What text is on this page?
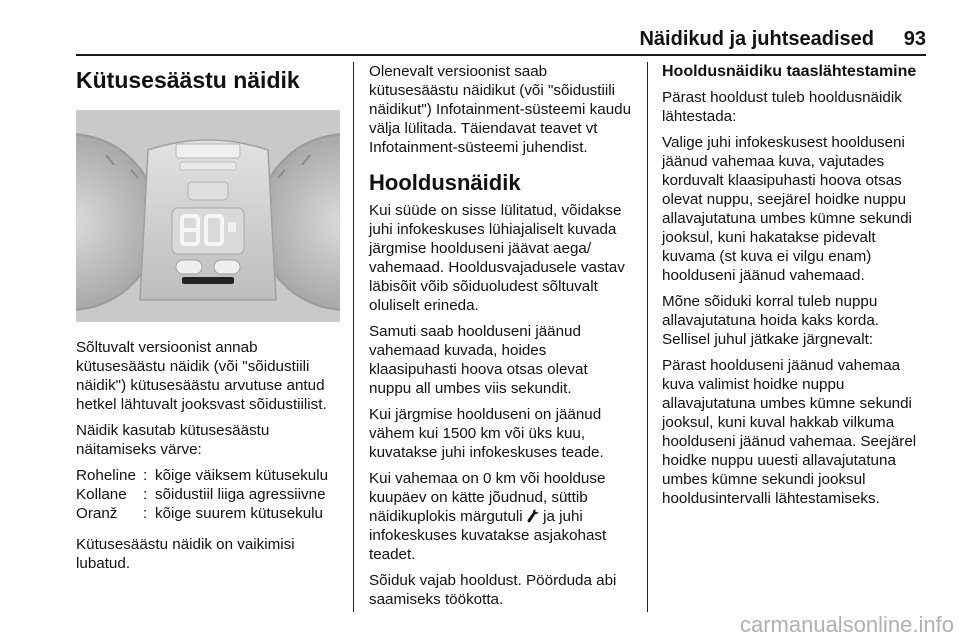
Näidikud ja juhtseadised 93
Kütusesäästu näidik

Sõltuvalt versioonist annab kütusesäästu näidik (või "sõidustiili näidik") kütusesäästu arvutuse antud hetkel lähtuvalt jooksvast sõidustiilist.

Näidik kasutab kütusesäästu näitamiseks värve:

Roheline : kõige väiksem kütusekulu
Kollane	: sõidustiil liiga agressiivne
Oranž	: kõige suurem kütusekulu

Kütusesäästu näidik on vaikimisi lubatud.

Olenevalt versioonist saab kütusesäästu näidikut (või "sõidustiili näidikut") Infotainment-süsteemi kaudu välja lülitada. Täiendavat teavet vt Infotainment-süsteemi juhendist.

Hooldusnäidik

Kui süüde on sisse lülitatud, võidakse juhi infokeskuses lühiajaliselt kuvada järgmise hoolduseni jäävat aega/ vahemaad. Hooldusvajadusele vastav läbisõit võib sõiduoludest sõltuvalt oluliselt erineda.

Samuti saab hoolduseni jäänud vahemaad kuvada, hoides klaasipuhasti hoova otsas olevat nuppu all umbes viis sekundit.

Kui järgmise hoolduseni on jäänud vähem kui 1500 km või üks kuu, kuvatakse juhi infokeskuses teade.

Kui vahemaa on 0 km või hoolduse kuupäev on kätte jõudnud, süttib näidikuplokis märgutuli ja juhi infokeskuses kuvatakse asjakohast teadet.

Sõiduk vajab hooldust. Pöörduda abi saamiseks töökotta.

Hooldusnäidiku taaslähtestamine

Pärast hooldust tuleb hooldusnäidik lähtestada:

Valige juhi infokeskusest hoolduseni jäänud vahemaa kuva, vajutades korduvalt klaasipuhasti hoova otsas olevat nuppu, seejärel hoidke nuppu allavajutatuna umbes kümne sekundi jooksul, kuni hakatakse pidevalt kuvama (st kuva ei vilgu enam) hoolduseni jäänud vahemaad.

Mõne sõiduki korral tuleb nuppu allavajutatuna hoida kaks korda. Sellisel juhul jätkake järgnevalt:

Pärast hoolduseni jäänud vahemaa kuva valimist hoidke nuppu allavajutatuna umbes kümne sekundi jooksul, kuni kuval hakkab vilkuma hoolduseni jäänud vahemaa. Seejärel hoidke nuppu uuesti allavajutatuna umbes kümne sekundi jooksul hooldusintervalli lähtestamiseks.

carmanualsonline.info
